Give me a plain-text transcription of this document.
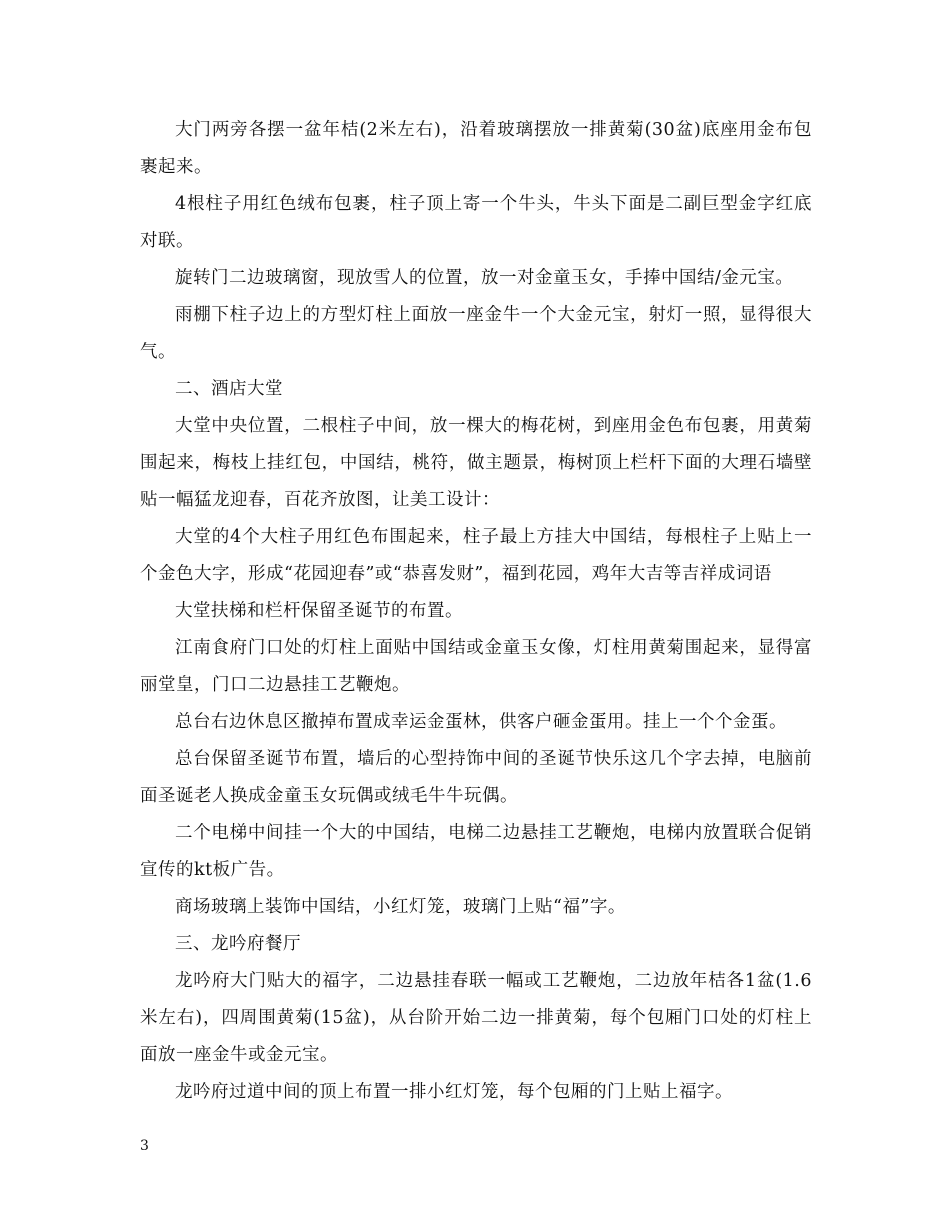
大门两旁各摆一盆年桔(2米左右)，沿着玻璃摆放一排黄菊(30盆)底座用金布包裹起来。

4根柱子用红色绒布包裹，柱子顶上寄一个牛头，牛头下面是二副巨型金字红底对联。

旋转门二边玻璃窗，现放雪人的位置，放一对金童玉女，手捧中国结/金元宝。

雨棚下柱子边上的方型灯柱上面放一座金牛一个大金元宝，射灯一照，显得很大气。

二、酒店大堂

大堂中央位置，二根柱子中间，放一棵大的梅花树，到座用金色布包裹，用黄菊围起来，梅枝上挂红包，中国结，桃符，做主题景，梅树顶上栏杆下面的大理石墙壁贴一幅猛龙迎春，百花齐放图，让美工设计：

大堂的4个大柱子用红色布围起来，柱子最上方挂大中国结，每根柱子上贴上一个金色大字，形成“花园迎春”或“恭喜发财”，福到花园，鸡年大吉等吉祥成词语

大堂扶梯和栏杆保留圣诞节的布置。

江南食府门口处的灯柱上面贴中国结或金童玉女像，灯柱用黄菊围起来，显得富丽堂皇，门口二边悬挂工艺鞭炮。

总台右边休息区撤掉布置成幸运金蛋林，供客户砸金蛋用。挂上一个个金蛋。

总台保留圣诞节布置，墙后的心型持饰中间的圣诞节快乐这几个字去掉，电脑前面圣诞老人换成金童玉女玩偶或绒毛牛牛玩偶。

二个电梯中间挂一个大的中国结，电梯二边悬挂工艺鞭炮，电梯内放置联合促销宣传的kt板广告。

商场玻璃上装饰中国结，小红灯笼，玻璃门上贴“福”字。

三、龙吟府餐厅

龙吟府大门贴大的福字，二边悬挂春联一幅或工艺鞭炮，二边放年桔各1盆(1.6米左右)，四周围黄菊(15盆)，从台阶开始二边一排黄菊，每个包厢门口处的灯柱上面放一座金牛或金元宝。

龙吟府过道中间的顶上布置一排小红灯笼，每个包厢的门上贴上福字。

3
